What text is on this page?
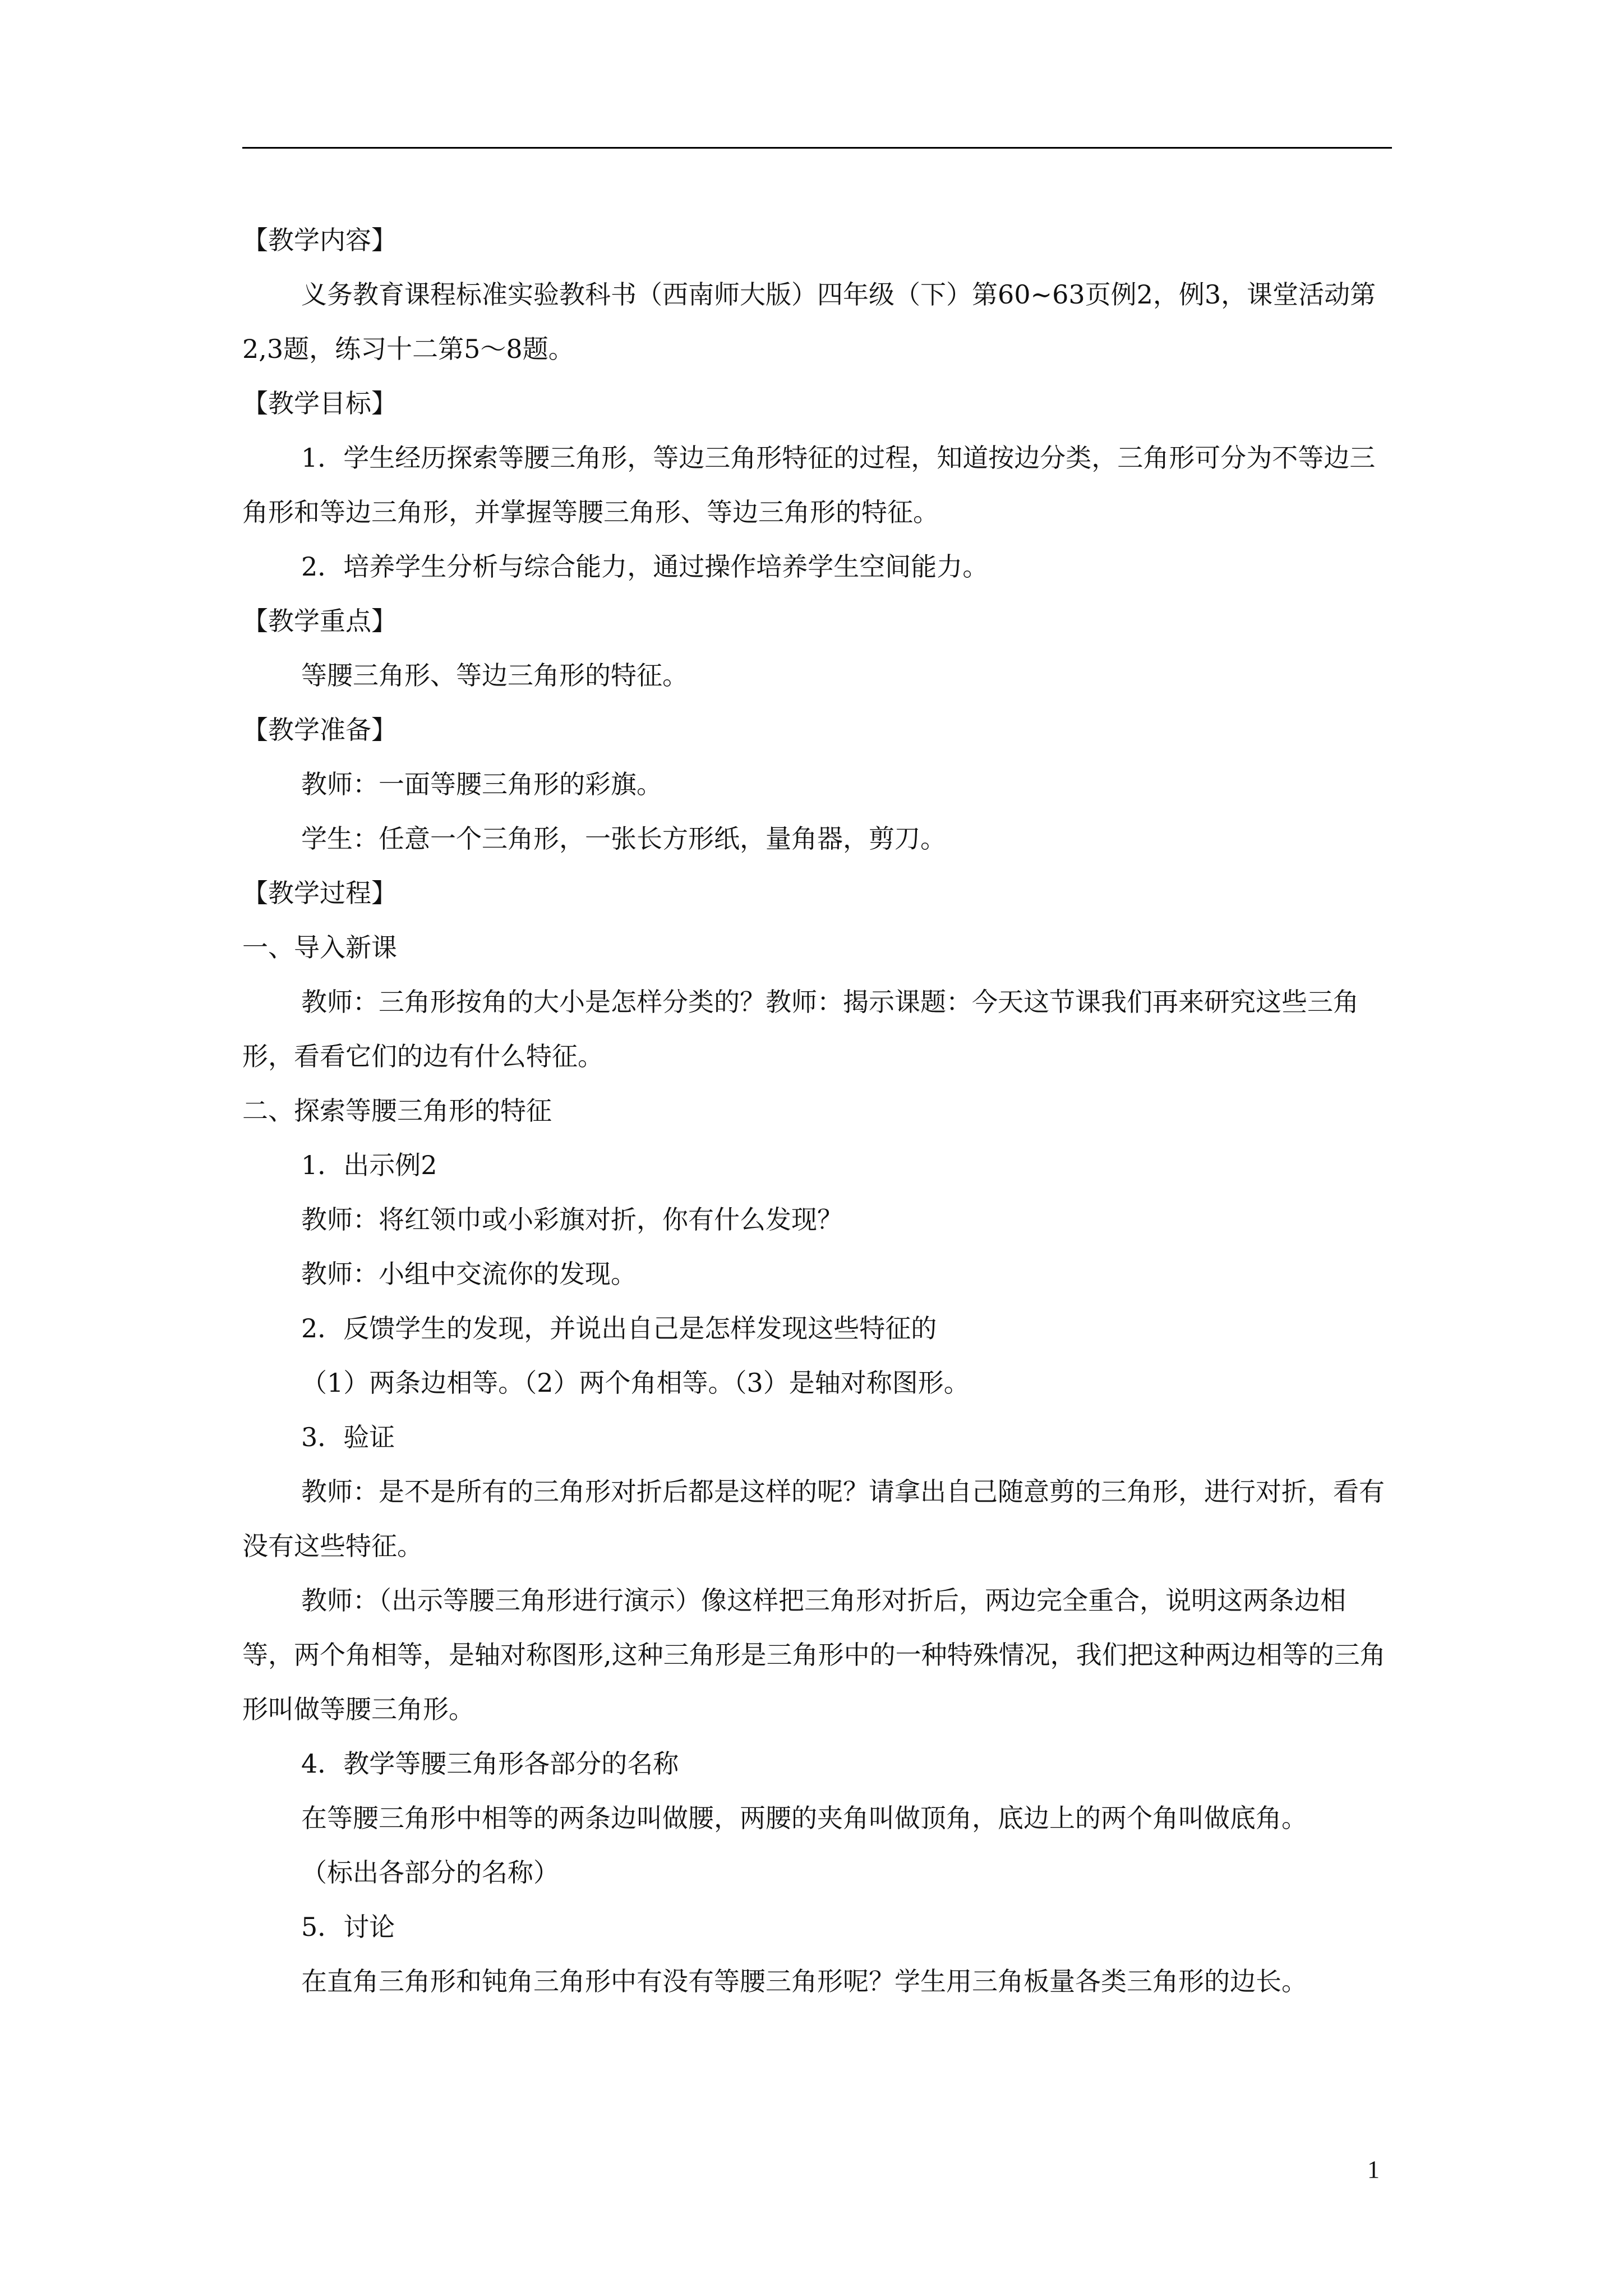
【教学内容】
义务教育课程标准实验教科书（西南师大版）四年级（下）第60~63页例2，例3，课堂活动第2,3题，练习十二第5～8题。
【教学目标】
1．学生经历探索等腰三角形，等边三角形特征的过程，知道按边分类，三角形可分为不等边三角形和等边三角形，并掌握等腰三角形、等边三角形的特征。
2．培养学生分析与综合能力，通过操作培养学生空间能力。
【教学重点】
等腰三角形、等边三角形的特征。
【教学准备】
教师：一面等腰三角形的彩旗。
学生：任意一个三角形，一张长方形纸，量角器，剪刀。
【教学过程】
一、导入新课
教师：三角形按角的大小是怎样分类的？教师：揭示课题：今天这节课我们再来研究这些三角形，看看它们的边有什么特征。
二、探索等腰三角形的特征
1．出示例2
教师：将红领巾或小彩旗对折，你有什么发现？
教师：小组中交流你的发现。
2．反馈学生的发现，并说出自己是怎样发现这些特征的
（1）两条边相等。（2）两个角相等。（3）是轴对称图形。
3．验证
教师：是不是所有的三角形对折后都是这样的呢？请拿出自己随意剪的三角形，进行对折，看有没有这些特征。
教师：（出示等腰三角形进行演示）像这样把三角形对折后，两边完全重合，说明这两条边相等，两个角相等，是轴对称图形,这种三角形是三角形中的一种特殊情况，我们把这种两边相等的三角形叫做等腰三角形。
4．教学等腰三角形各部分的名称
在等腰三角形中相等的两条边叫做腰，两腰的夹角叫做顶角，底边上的两个角叫做底角。
（标出各部分的名称）
5．讨论
在直角三角形和钝角三角形中有没有等腰三角形呢？学生用三角板量各类三角形的边长。
1
